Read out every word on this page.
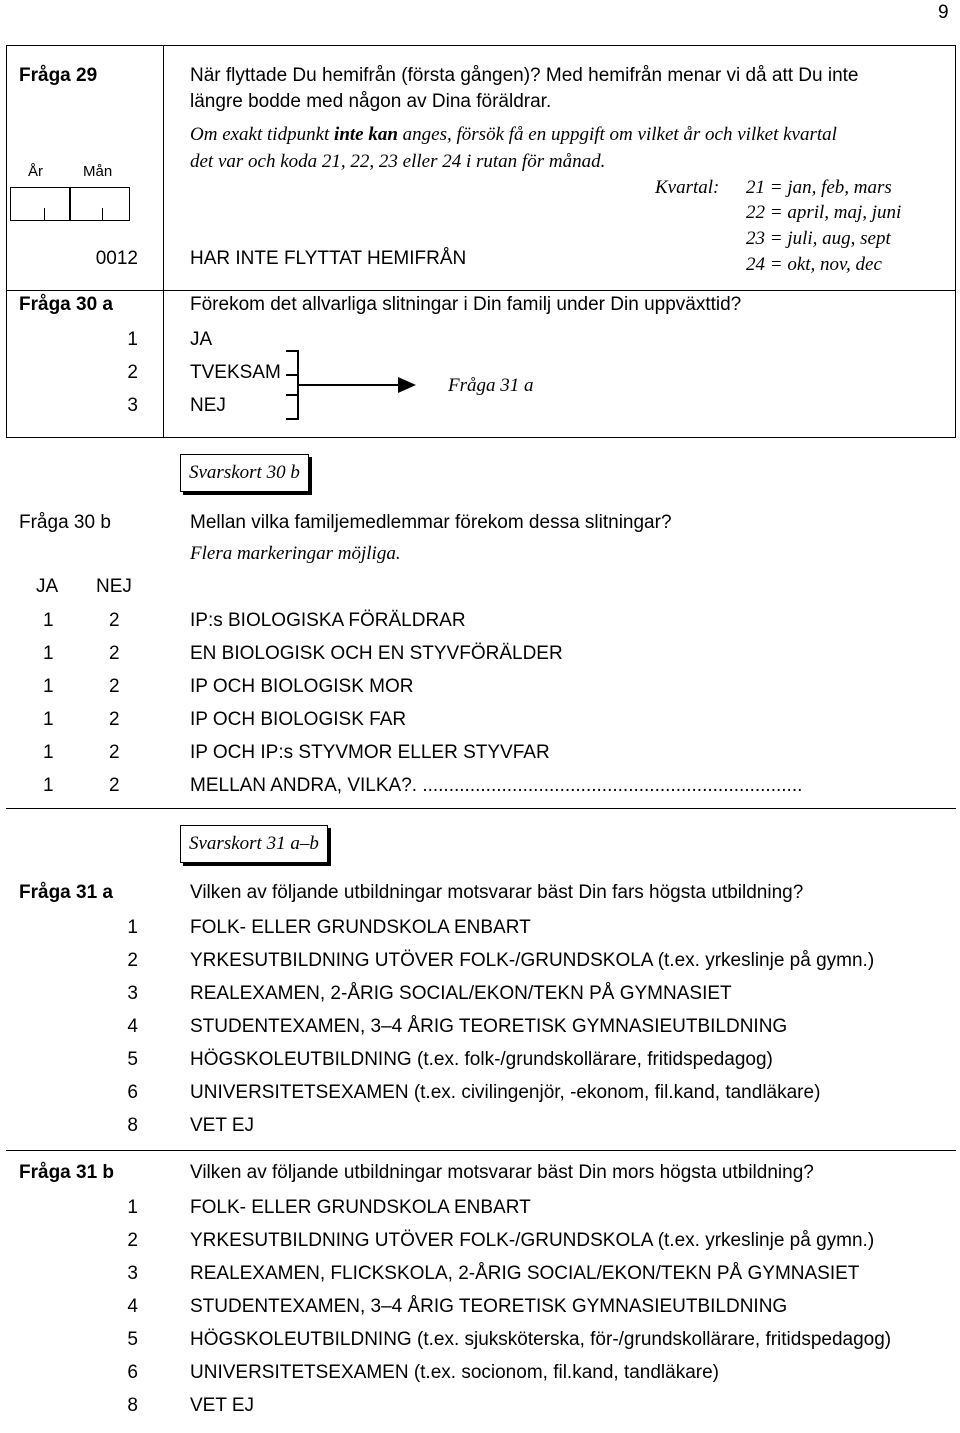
9
Fråga 29	När flyttade Du hemifrån (första gången)? Med hemifrån menar vi då att Du inte
längre bodde med någon av Dina föräldrar.
Om exakt tidpunkt inte kan anges, försök få en uppgift om vilket år och vilket kvartal
det var och koda 21, 22, 23 eller 24 i rutan för månad.
År	Mån
Kvartal: 21 = jan, feb, mars
22 = april, maj, juni
23 = juli, aug, sept
24 = okt, nov, dec
0012	HAR INTE FLYTTAT HEMIFRÅN
Fråga 30 a	Förekom det allvarliga slitningar i Din familj under Din uppväxttid?
1	JA
2	TVEKSAM
3	NEJ
Fråga 31 a
Svarskort 30 b
Fråga 30 b	Mellan vilka familjemedlemmar förekom dessa slitningar?
Flera markeringar möjliga.
JA NEJ
1	2	IP:s BIOLOGISKA FÖRÄLDRAR
1	2	EN BIOLOGISK OCH EN STYVFÖRÄLDER
1	2	IP OCH BIOLOGISK MOR
1	2	IP OCH BIOLOGISK FAR
1	2	IP OCH IP:s STYVMOR ELLER STYVFAR
1	2	MELLAN ANDRA, VILKA?. ........................................................................
Svarskort 31 a–b
Fråga 31 a	Vilken av följande utbildningar motsvarar bäst Din fars högsta utbildning?
1	FOLK- ELLER GRUNDSKOLA ENBART
2	YRKESUTBILDNING UTÖVER FOLK-/GRUNDSKOLA (t.ex. yrkeslinje på gymn.)
3	REALEXAMEN, 2-ÅRIG SOCIAL/EKON/TEKN PÅ GYMNASIET
4	STUDENTEXAMEN, 3–4 ÅRIG TEORETISK GYMNASIEUTBILDNING
5	HÖGSKOLEUTBILDNING (t.ex. folk-/grundskollärare, fritidspedagog)
6	UNIVERSITETSEXAMEN (t.ex. civilingenjör, -ekonom, fil.kand, tandläkare)
8	VET EJ
Fråga 31 b	Vilken av följande utbildningar motsvarar bäst Din mors högsta utbildning?
1	FOLK- ELLER GRUNDSKOLA ENBART
2	YRKESUTBILDNING UTÖVER FOLK-/GRUNDSKOLA (t.ex. yrkeslinje på gymn.)
3	REALEXAMEN, FLICKSKOLA, 2-ÅRIG SOCIAL/EKON/TEKN PÅ GYMNASIET
4	STUDENTEXAMEN, 3–4 ÅRIG TEORETISK GYMNASIEUTBILDNING
5	HÖGSKOLEUTBILDNING (t.ex. sjuksköterska, för-/grundskollärare, fritidspedagog)
6	UNIVERSITETSEXAMEN (t.ex. socionom, fil.kand, tandläkare)
8	VET EJ
